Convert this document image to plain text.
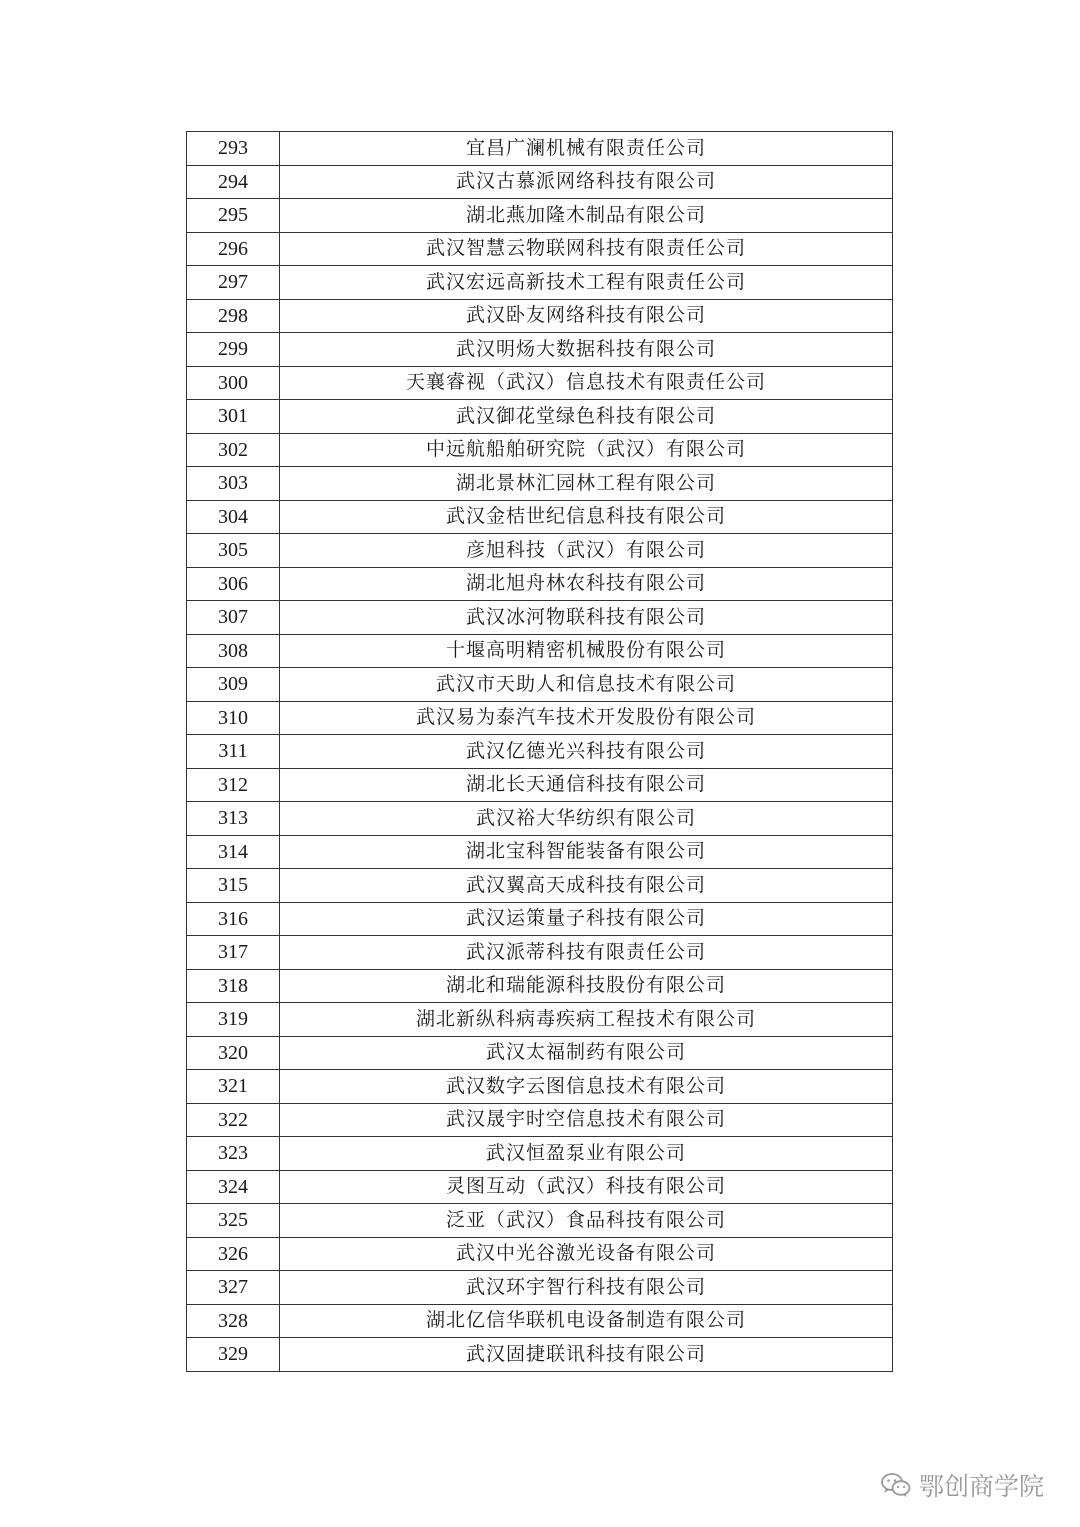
293	宜昌广澜机械有限责任公司
294	武汉古慕派网络科技有限公司
295	湖北燕加隆木制品有限公司
296	武汉智慧云物联网科技有限责任公司
297	武汉宏远高新技术工程有限责任公司
298	武汉卧友网络科技有限公司
299	武汉明炀大数据科技有限公司
300	天襄睿视（武汉）信息技术有限责任公司
301	武汉御花堂绿色科技有限公司
302	中远航船舶研究院（武汉）有限公司
303	湖北景林汇园林工程有限公司
304	武汉金桔世纪信息科技有限公司
305	彦旭科技（武汉）有限公司
306	湖北旭舟林农科技有限公司
307	武汉冰河物联科技有限公司
308	十堰高明精密机械股份有限公司
309	武汉市天助人和信息技术有限公司
310	武汉易为泰汽车技术开发股份有限公司
311	武汉亿德光兴科技有限公司
312	湖北长天通信科技有限公司
313	武汉裕大华纺织有限公司
314	湖北宝科智能装备有限公司
315	武汉翼高天成科技有限公司
316	武汉运策量子科技有限公司
317	武汉派蒂科技有限责任公司
318	湖北和瑞能源科技股份有限公司
319	湖北新纵科病毒疾病工程技术有限公司
320	武汉太福制药有限公司
321	武汉数字云图信息技术有限公司
322	武汉晟宇时空信息技术有限公司
323	武汉恒盈泵业有限公司
324	灵图互动（武汉）科技有限公司
325	泛亚（武汉）食品科技有限公司
326	武汉中光谷激光设备有限公司
327	武汉环宇智行科技有限公司
328	湖北亿信华联机电设备制造有限公司
329	武汉固捷联讯科技有限公司
鄂创商学院
